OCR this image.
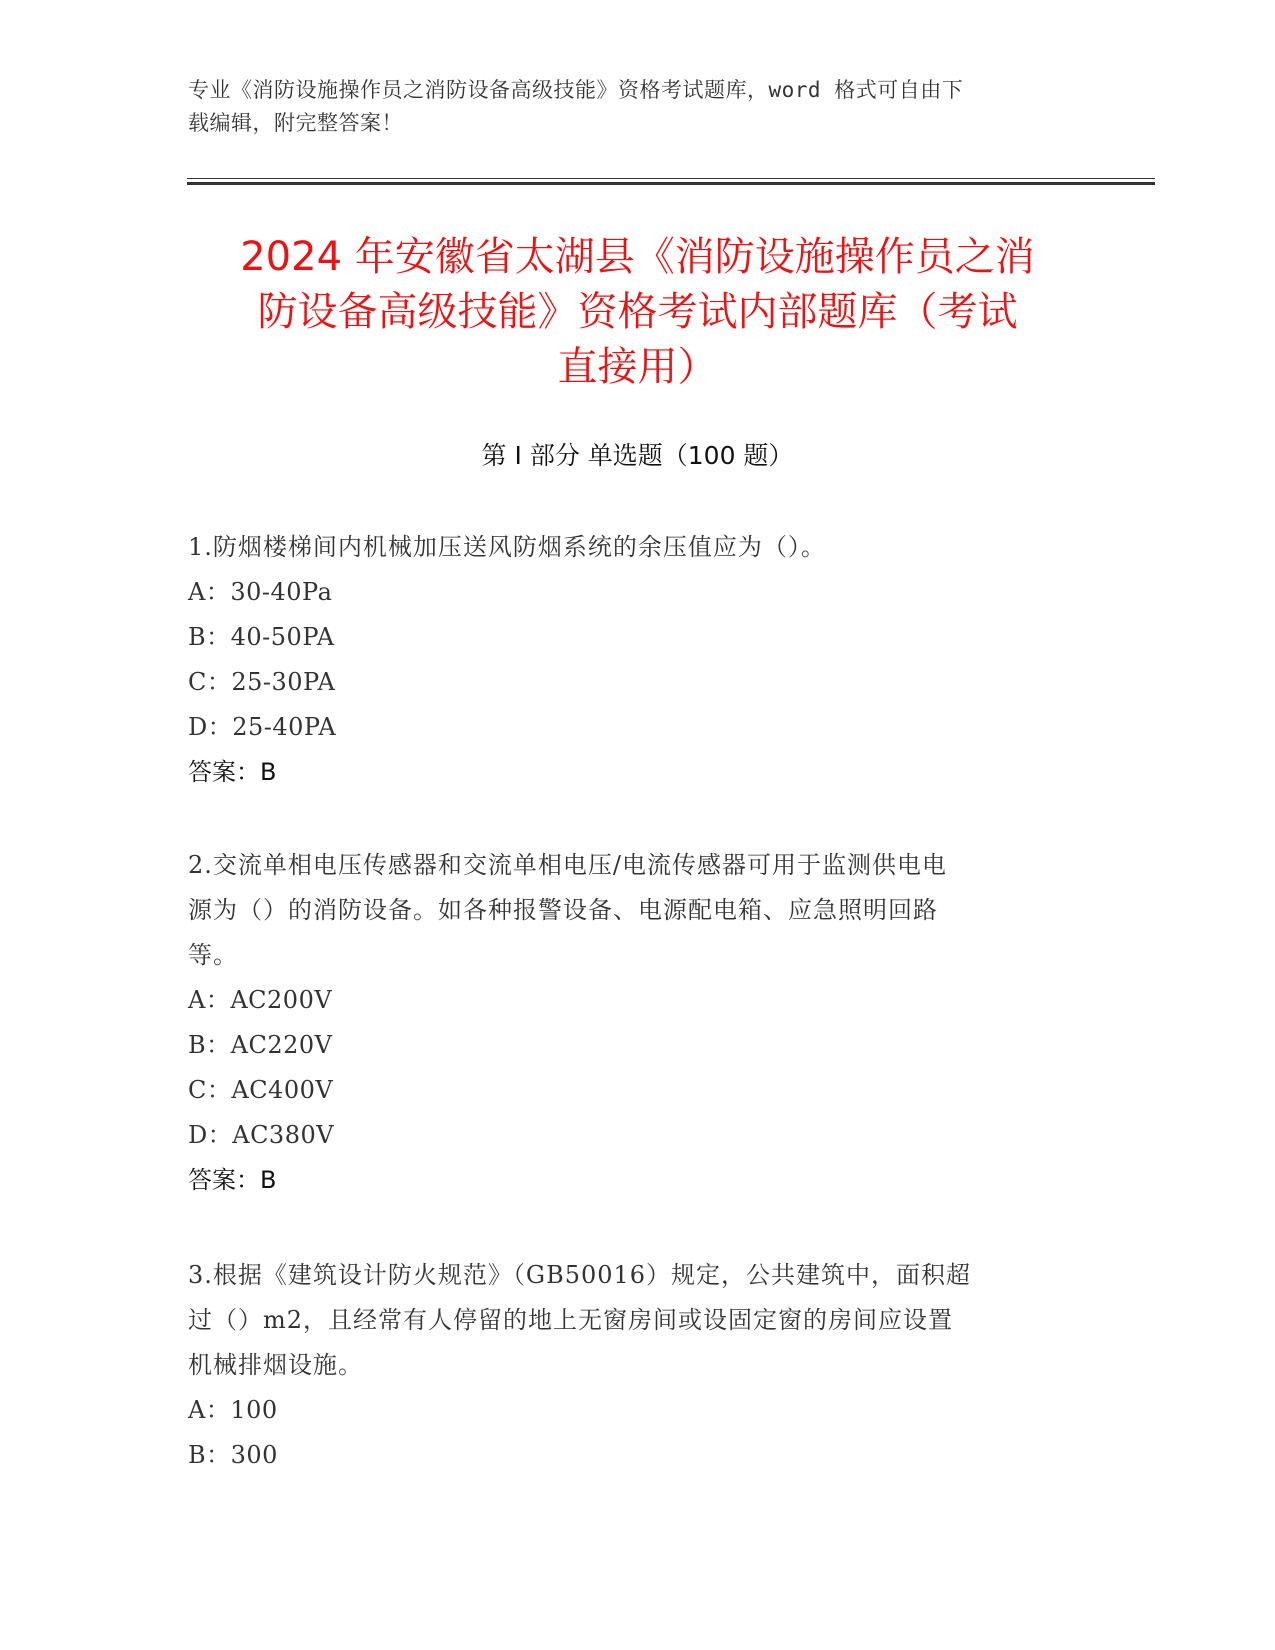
专业《消防设施操作员之消防设备高级技能》资格考试题库，word 格式可自由下
载编辑，附完整答案！
2024 年安徽省太湖县《消防设施操作员之消
防设备高级技能》资格考试内部题库（考试
直接用）
第 I 部分 单选题（100 题）
1.防烟楼梯间内机械加压送风防烟系统的余压值应为（）。
A：30-40Pa
B：40-50PA
C：25-30PA
D：25-40PA
答案：B
2.交流单相电压传感器和交流单相电压/电流传感器可用于监测供电电
源为（）的消防设备。如各种报警设备、电源配电箱、应急照明回路
等。
A：AC200V
B：AC220V
C：AC400V
D：AC380V
答案：B
3.根据《建筑设计防火规范》（GB50016）规定，公共建筑中，面积超
过（）m2，且经常有人停留的地上无窗房间或设固定窗的房间应设置
机械排烟设施。
A：100
B：300
